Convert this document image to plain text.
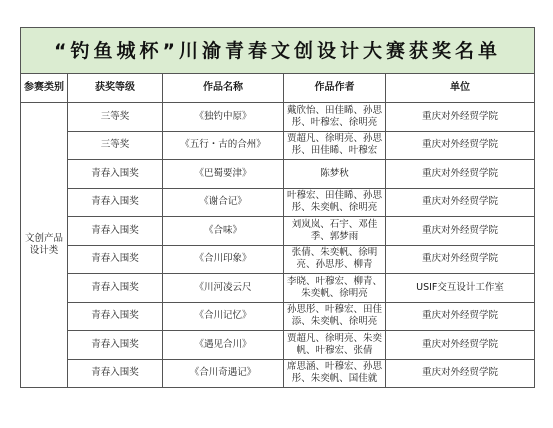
“钓鱼城杯”川渝青春文创设计大赛获奖名单				
参赛类别	获奖等级	作品名称	作品作者	单位
文创产品设计类	三等奖	《独钓中原》	戴欣怡、田佳睎、孙思彤、叶穆宏、徐明亮	重庆对外经贸学院
	三等奖	《五行・古的合州》	贾超凡、徐明亮、孙思彤、田佳睎、叶穆宏	重庆对外经贸学院
	青春入围奖	《巴蜀要津》	陈梦秋	重庆对外经贸学院
	青春入围奖	《谢合记》	叶穆宏、田佳睎、孙思彤、朱奕帆、徐明亮	重庆对外经贸学院
	青春入围奖	《合味》	刘岚岚、石宇、邓佳季、郭梦雨	重庆对外经贸学院
	青春入围奖	《合川印象》	张倩、朱奕帆、徐明亮、孙思彤、柳青	重庆对外经贸学院
	青春入围奖	《川河凌云尺	李晓、叶穆宏、柳青、朱奕帆、徐明亮	USIF交互设计工作室
	青春入围奖	《合川记忆》	孙思彤、叶穆宏、田佳添、朱奕帆、徐明亮	重庆对外经贸学院
	青春入围奖	《遇见合川》	贾超凡、徐明亮、朱奕帆、叶穆宏、张倩	重庆对外经贸学院
	青春入围奖	《合川奇遇记》	席思涵、叶穆宏、孙思彤、朱奕帆、国佳就	重庆对外经贸学院
